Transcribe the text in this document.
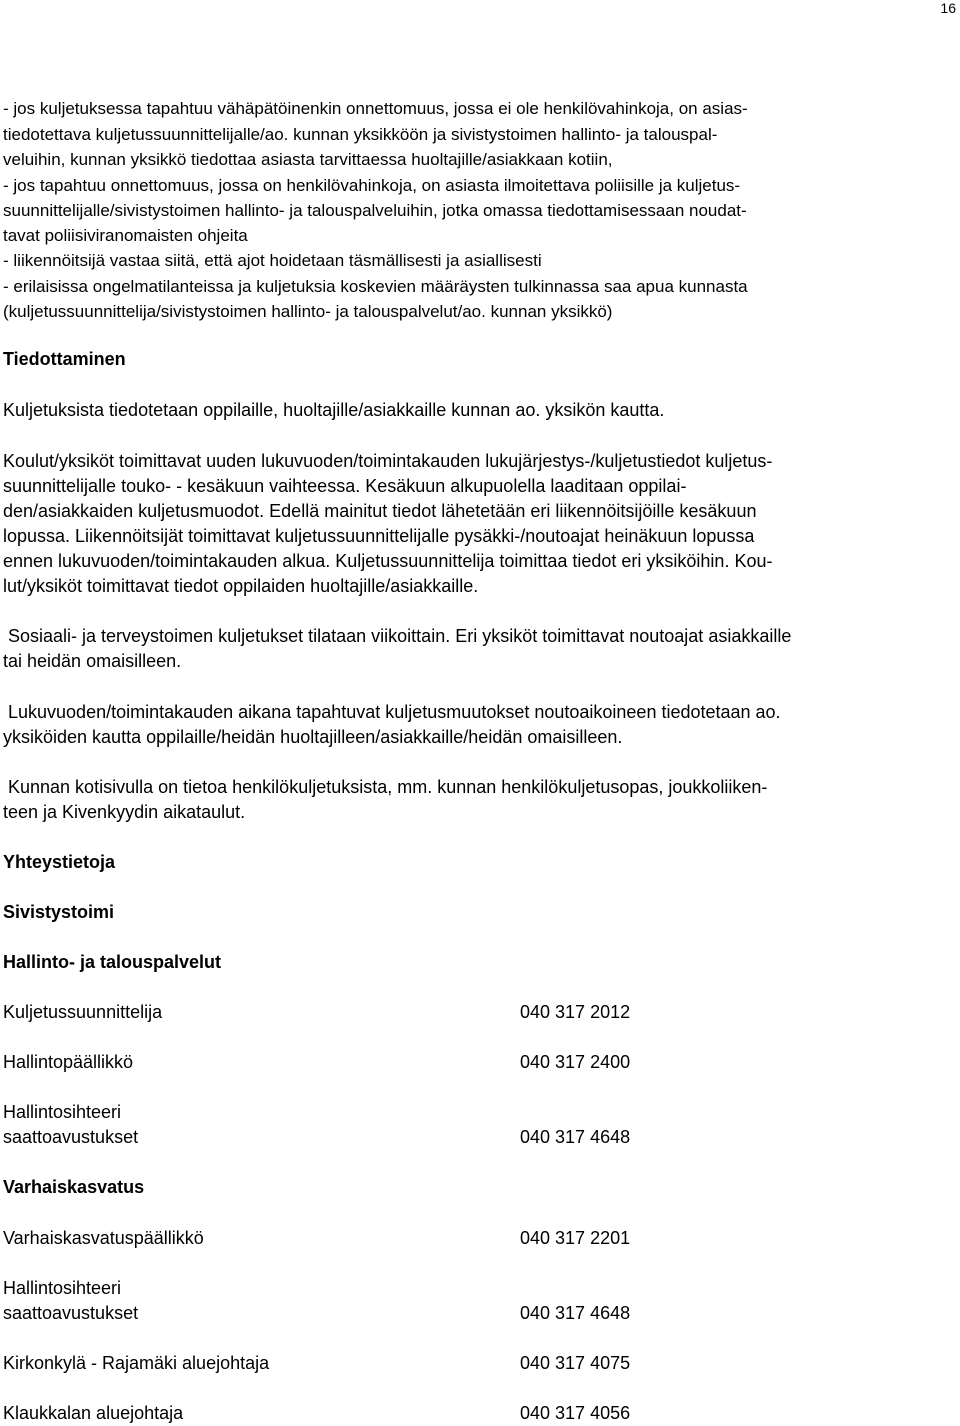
16
- jos kuljetuksessa tapahtuu vähäpätöinenkin onnettomuus, jossa ei ole henkilövahinkoja, on asias-
tiedotettava kuljetussuunnittelijalle/ao. kunnan yksikköön ja sivistystoimen hallinto- ja talouspal-
veluihin, kunnan yksikkö tiedottaa asiasta tarvittaessa huoltajille/asiakkaan kotiin,
- jos tapahtuu onnettomuus, jossa on henkilövahinkoja, on asiasta ilmoitettava poliisille ja kuljetus-
suunnittelijalle/sivistystoimen hallinto- ja talouspalveluihin, jotka omassa tiedottamisessaan noudat-
tavat poliisiviranomaisten ohjeita
- liikennöitsijä vastaa siitä, että ajot hoidetaan täsmällisesti ja asiallisesti
- erilaisissa ongelmatilanteissa ja kuljetuksia koskevien määräysten tulkinnassa saa apua kunnasta
(kuljetussuunnittelija/sivistystoimen hallinto- ja talouspalvelut/ao. kunnan yksikkö)
Tiedottaminen
Kuljetuksista tiedotetaan oppilaille, huoltajille/asiakkaille kunnan ao. yksikön kautta.
Koulut/yksiköt toimittavat uuden lukuvuoden/toimintakauden lukujärjestys-/kuljetustiedot kuljetus-
suunnittelijalle touko- - kesäkuun vaihteessa. Kesäkuun alkupuolella laaditaan oppilai-
den/asiakkaiden kuljetusmuodot. Edellä mainitut tiedot lähetetään eri liikennöitsijöille kesäkuun
lopussa. Liikennöitsijät toimittavat kuljetussuunnittelijalle pysäkki-/noutoajat heinäkuun lopussa
ennen lukuvuoden/toimintakauden alkua. Kuljetussuunnittelija toimittaa tiedot eri yksiköihin. Kou-
lut/yksiköt toimittavat tiedot oppilaiden huoltajille/asiakkaille.
Sosiaali- ja terveystoimen kuljetukset tilataan viikoittain. Eri yksiköt toimittavat noutoajat asiakkaille
tai heidän omaisilleen.
Lukuvuoden/toimintakauden aikana tapahtuvat kuljetusmuutokset noutoaikoineen tiedotetaan ao.
yksiköiden kautta oppilaille/heidän huoltajilleen/asiakkaille/heidän omaisilleen.
Kunnan kotisivulla on tietoa henkilökuljetuksista, mm. kunnan henkilökuljetusopas, joukkoliiken-
teen ja Kivenkyydin aikataulut.
Yhteystietoja
Sivistystoimi
Hallinto- ja talouspalvelut
Kuljetussuunnittelija	040 317 2012
Hallintopäällikkö	040 317 2400
Hallintosihteeri
saattoavustukset	040 317 4648
Varhaiskasvatus
Varhaiskasvatuspäällikkö	040 317 2201
Hallintosihteeri
saattoavustukset	040 317 4648
Kirkonkylä - Rajamäki aluejohtaja	040 317 4075
Klaukkalan aluejohtaja	040 317 4056
